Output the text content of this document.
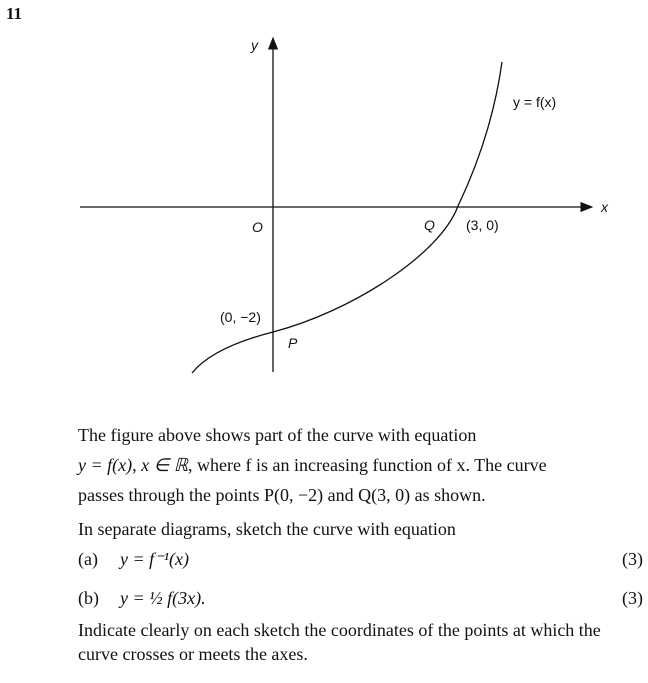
11
x
y
O
y = f(x)
Q (3, 0)
(0, −2)
P
The figure above shows part of the curve with equation
y = f(x), x ∈ ℝ, where f is an increasing function of x. The curve
passes through the points P(0, −2) and Q(3, 0) as shown.
In separate diagrams, sketch the curve with equation
(a) y = f⁻¹(x)	(3)
(b) y = ½ f(3x).	(3)
Indicate clearly on each sketch the coordinates of the points at which the curve crosses or meets the axes.
